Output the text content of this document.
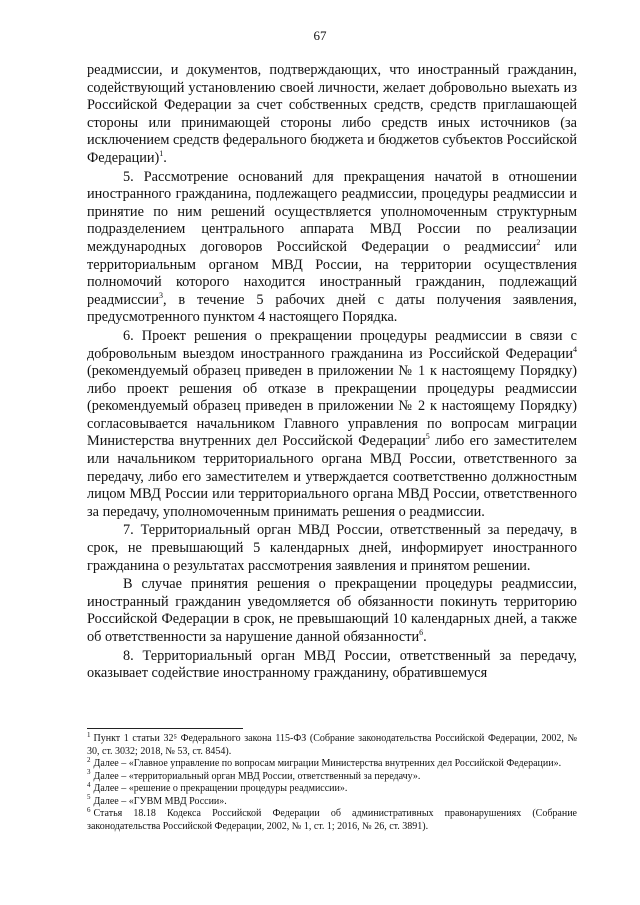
67

реадмиссии, и документов, подтверждающих, что иностранный гражданин, содействующий установлению своей личности, желает добровольно выехать из Российской Федерации за счет собственных средств, средств приглашающей стороны или принимающей стороны либо средств иных источников (за исключением средств федерального бюджета и бюджетов субъектов Российской Федерации)$^1$.

5. Рассмотрение оснований для прекращения начатой в отношении иностранного гражданина, подлежащего реадмиссии, процедуры реадмиссии и принятие по ним решений осуществляется уполномоченным структурным подразделением центрального аппарата МВД России по реализации международных договоров Российской Федерации о реадмиссии$^2$ или территориальным органом МВД России, на территории осуществления полномочий которого находится иностранный гражданин, подлежащий реадмиссии$^3$, в течение 5 рабочих дней с даты получения заявления, предусмотренного пунктом 4 настоящего Порядка.

6. Проект решения о прекращении процедуры реадмиссии в связи с добровольным выездом иностранного гражданина из Российской Федерации$^4$ (рекомендуемый образец приведен в приложении № 1 к настоящему Порядку) либо проект решения об отказе в прекращении процедуры реадмиссии (рекомендуемый образец приведен в приложении № 2 к настоящему Порядку) согласовывается начальником Главного управления по вопросам миграции Министерства внутренних дел Российской Федерации$^5$ либо его заместителем или начальником территориального органа МВД России, ответственного за передачу, либо его заместителем и утверждается соответственно должностным лицом МВД России или территориального органа МВД России, ответственного за передачу, уполномоченным принимать решения о реадмиссии.

7. Территориальный орган МВД России, ответственный за передачу, в срок, не превышающий 5 календарных дней, информирует иностранного гражданина о результатах рассмотрения заявления и принятом решении.

В случае принятия решения о прекращении процедуры реадмиссии, иностранный гражданин уведомляется об обязанности покинуть территорию Российской Федерации в срок, не превышающий 10 календарных дней, а также об ответственности за нарушение данной обязанности$^6$.

8. Территориальный орган МВД России, ответственный за передачу, оказывает содействие иностранному гражданину, обратившемуся

$^1$ Пункт 1 статьи 32⁵ Федерального закона 115-ФЗ (Собрание законодательства Российской Федерации, 2002, № 30, ст. 3032; 2018, № 53, ст. 8454).

$^2$ Далее – «Главное управление по вопросам миграции Министерства внутренних дел Российской Федерации».

$^3$ Далее – «территориальный орган МВД России, ответственный за передачу».

$^4$ Далее – «решение о прекращении процедуры реадмиссии».

$^5$ Далее – «ГУВМ МВД России».

$^6$ Статья 18.18 Кодекса Российской Федерации об административных правонарушениях (Собрание законодательства Российской Федерации, 2002, № 1, ст. 1; 2016, № 26, ст. 3891).
